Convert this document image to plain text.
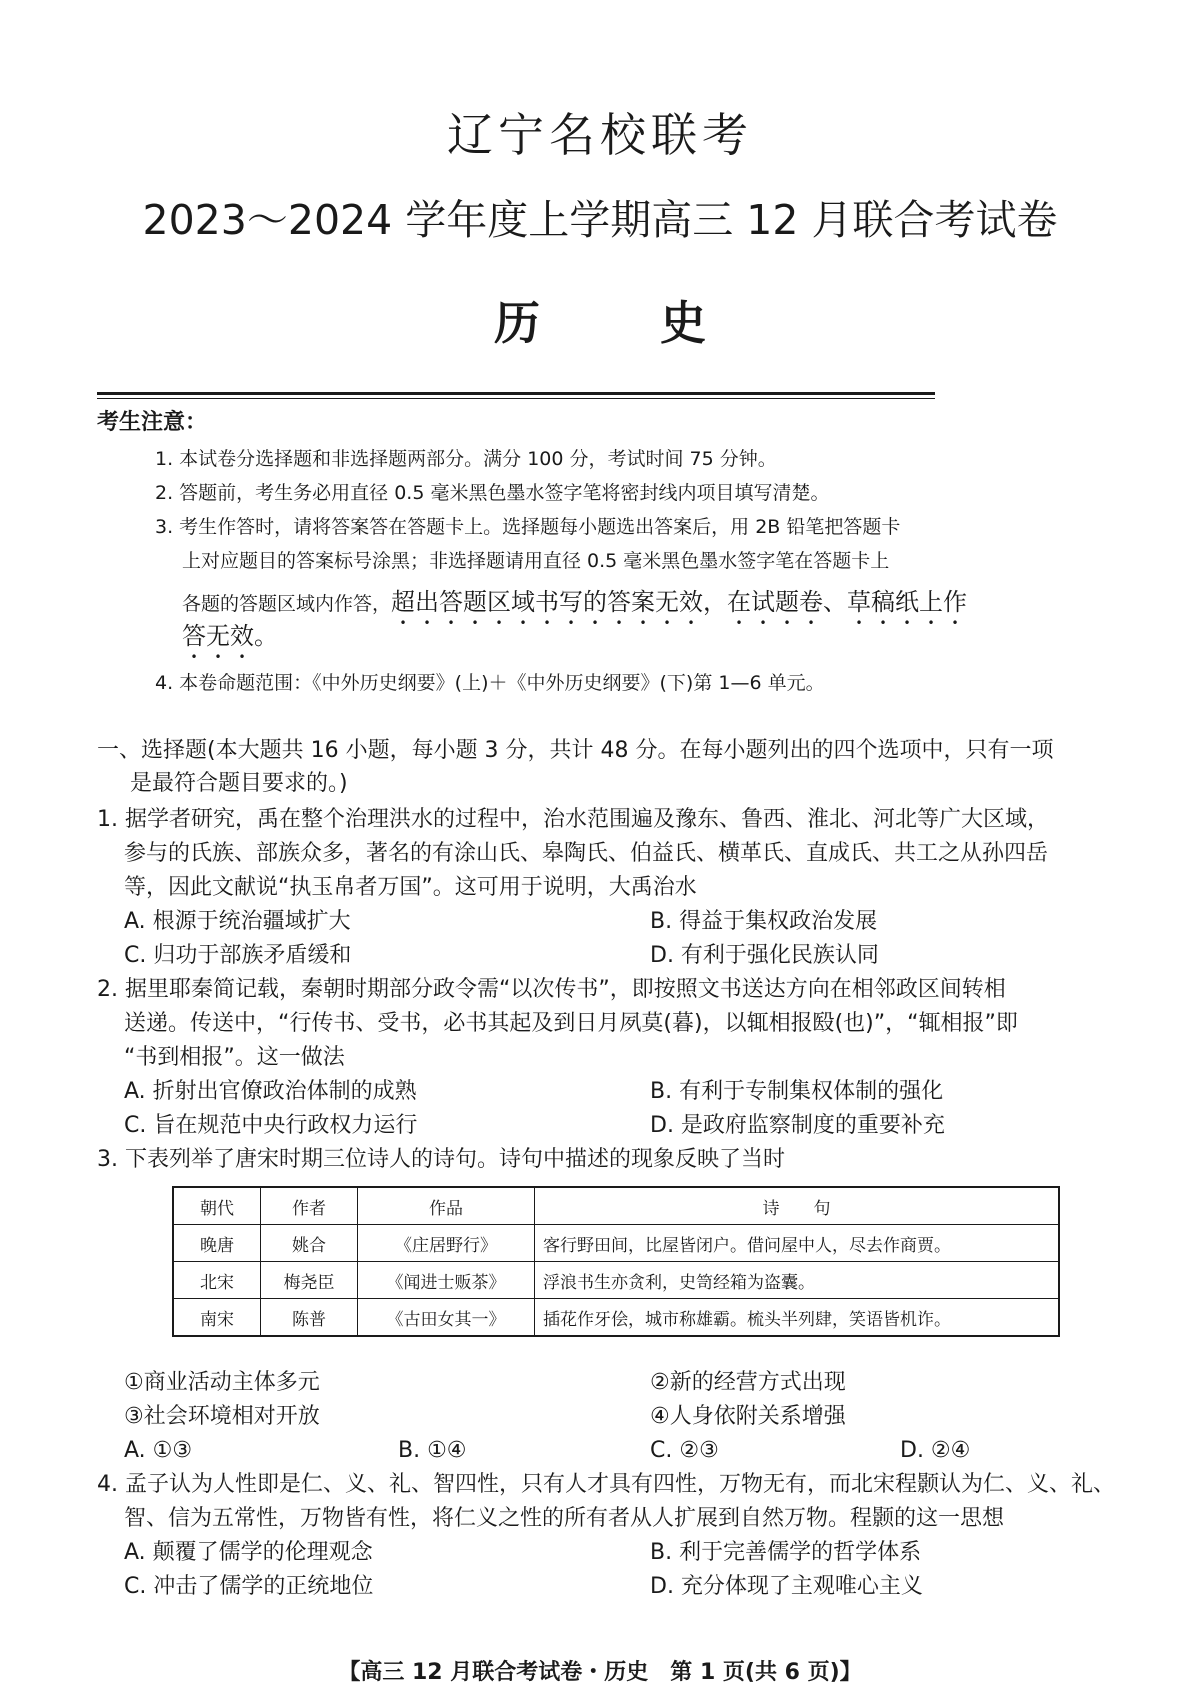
辽宁名校联考
2023～2024 学年度上学期高三 12 月联合考试卷
历史
考生注意：
1. 本试卷分选择题和非选择题两部分。满分 100 分，考试时间 75 分钟。
2. 答题前，考生务必用直径 0.5 毫米黑色墨水签字笔将密封线内项目填写清楚。
3. 考生作答时，请将答案答在答题卡上。选择题每小题选出答案后，用 2B 铅笔把答题卡
上对应题目的答案标号涂黑；非选择题请用直径 0.5 毫米黑色墨水签字笔在答题卡上
各题的答题区域内作答，超出答题区域书写的答案无效，在试题卷、草稿纸上作
答无效。
4. 本卷命题范围：《中外历史纲要》(上)＋《中外历史纲要》(下)第 1—6 单元。
一、选择题(本大题共 16 小题，每小题 3 分，共计 48 分。在每小题列出的四个选项中，只有一项
是最符合题目要求的。)
1. 据学者研究，禹在整个治理洪水的过程中，治水范围遍及豫东、鲁西、淮北、河北等广大区域，
参与的氏族、部族众多，著名的有涂山氏、皋陶氏、伯益氏、横革氏、直成氏、共工之从孙四岳
等，因此文献说“执玉帛者万国”。这可用于说明，大禹治水
A. 根源于统治疆域扩大	B. 得益于集权政治发展
C. 归功于部族矛盾缓和	D. 有利于强化民族认同
2. 据里耶秦简记载，秦朝时期部分政令需“以次传书”，即按照文书送达方向在相邻政区间转相
送递。传送中，“行传书、受书，必书其起及到日月夙莫(暮)，以辄相报殹(也)”，“辄相报”即
“书到相报”。这一做法
A. 折射出官僚政治体制的成熟	B. 有利于专制集权体制的强化
C. 旨在规范中央行政权力运行	D. 是政府监察制度的重要补充
3. 下表列举了唐宋时期三位诗人的诗句。诗句中描述的现象反映了当时
朝代	作者	作品	诗　　句
晚唐	姚合	《庄居野行》	客行野田间，比屋皆闭户。借问屋中人，尽去作商贾。
北宋	梅尧臣	《闻进士贩茶》	浮浪书生亦贪利，史笥经箱为盗囊。
南宋	陈普	《古田女其一》	插花作牙侩，城市称雄霸。梳头半列肆，笑语皆机诈。
①商业活动主体多元	②新的经营方式出现
③社会环境相对开放	④人身依附关系增强
A. ①③	B. ①④	C. ②③	D. ②④
4. 孟子认为人性即是仁、义、礼、智四性，只有人才具有四性，万物无有，而北宋程颢认为仁、义、礼、
智、信为五常性，万物皆有性，将仁义之性的所有者从人扩展到自然万物。程颢的这一思想
A. 颠覆了儒学的伦理观念	B. 利于完善儒学的哲学体系
C. 冲击了儒学的正统地位	D. 充分体现了主观唯心主义
【高三 12 月联合考试卷・历史　第 1 页(共 6 页)】
